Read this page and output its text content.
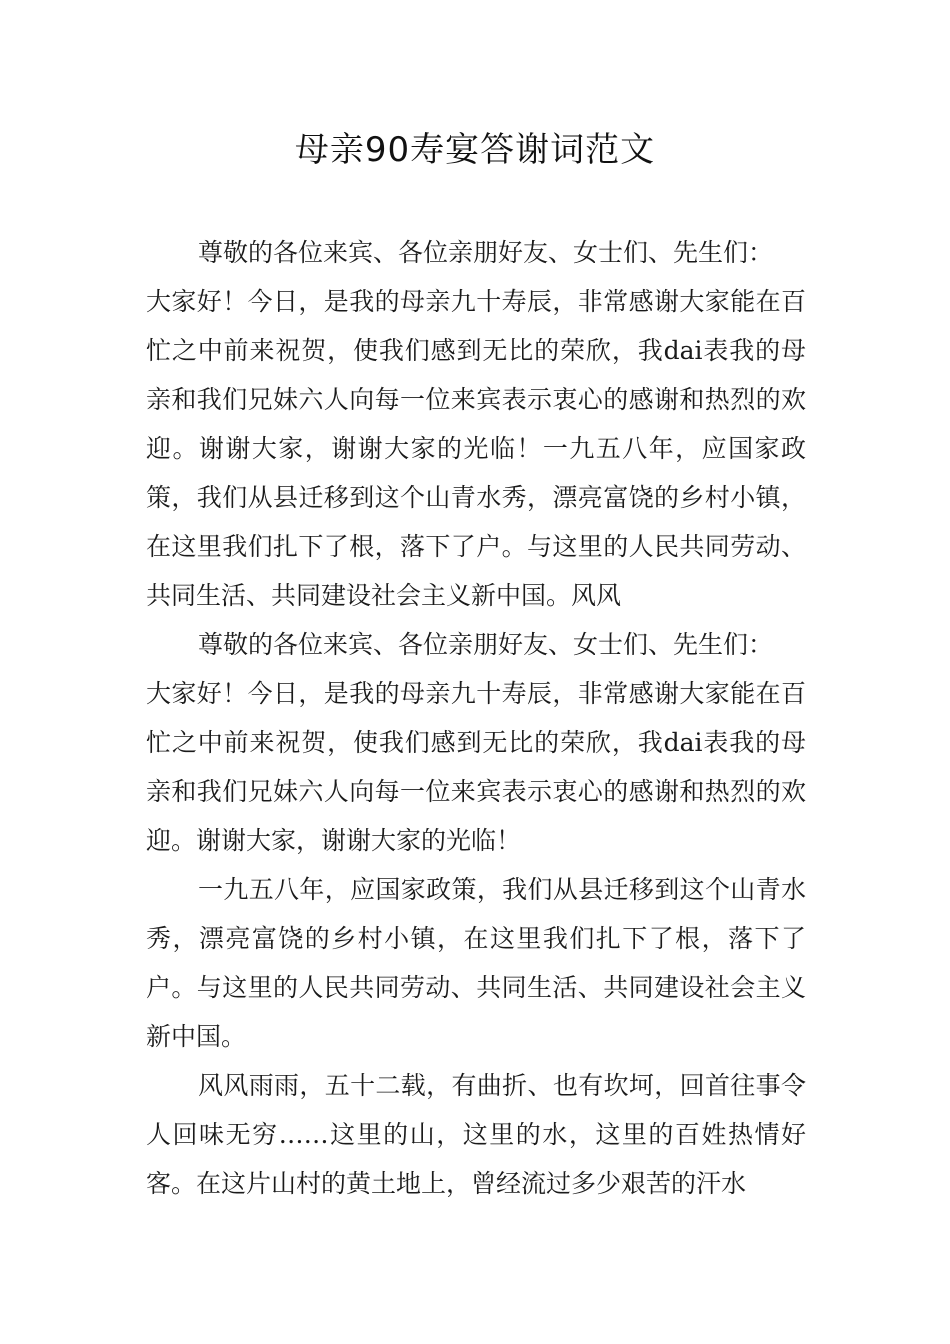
母亲90寿宴答谢词范文

尊敬的各位来宾、各位亲朋好友、女士们、先生们：

大家好！今日，是我的母亲九十寿辰，非常感谢大家能在百忙之中前来祝贺，使我们感到无比的荣欣，我dai表我的母亲和我们兄妹六人向每一位来宾表示衷心的感谢和热烈的欢迎。谢谢大家，谢谢大家的光临！一九五八年，应国家政策，我们从县迁移到这个山青水秀，漂亮富饶的乡村小镇，在这里我们扎下了根，落下了户。与这里的人民共同劳动、共同生活、共同建设社会主义新中国。风风

尊敬的各位来宾、各位亲朋好友、女士们、先生们：

大家好！今日，是我的母亲九十寿辰，非常感谢大家能在百忙之中前来祝贺，使我们感到无比的荣欣，我dai表我的母亲和我们兄妹六人向每一位来宾表示衷心的感谢和热烈的欢迎。谢谢大家，谢谢大家的光临！

一九五八年，应国家政策，我们从县迁移到这个山青水秀，漂亮富饶的乡村小镇，在这里我们扎下了根，落下了户。与这里的人民共同劳动、共同生活、共同建设社会主义新中国。

风风雨雨，五十二载，有曲折、也有坎坷，回首往事令人回味无穷……这里的山，这里的水，这里的百姓热情好客。在这片山村的黄土地上，曾经流过多少艰苦的汗水
